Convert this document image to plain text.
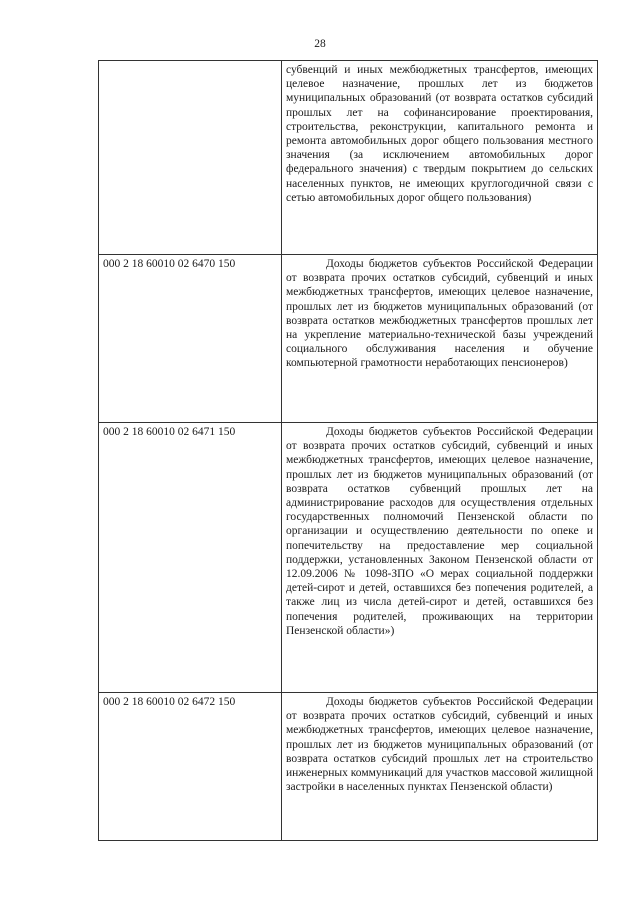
28

	субвенций и иных межбюджетных трансфертов, имеющих целевое назначение, прошлых лет из бюджетов муниципальных образований (от возврата остатков субсидий прошлых лет на софинансирование проектирования, строительства, реконструкции, капитального ремонта и ремонта автомобильных дорог общего пользования местного значения (за исключением автомобильных дорог федерального значения) с твердым покрытием до сельских населенных пунктов, не имеющих круглогодичной связи с сетью автомобильных дорог общего пользования)

000 2 18 60010 02 6470 150	Доходы бюджетов субъектов Российской Федерации от возврата прочих остатков субсидий, субвенций и иных межбюджетных трансфертов, имеющих целевое назначение, прошлых лет из бюджетов муниципальных образований (от возврата остатков межбюджетных трансфертов прошлых лет на укрепление материально-технической базы учреждений социального обслуживания населения и обучение компьютерной грамотности неработающих пенсионеров)

000 2 18 60010 02 6471 150	Доходы бюджетов субъектов Российской Федерации от возврата прочих остатков субсидий, субвенций и иных межбюджетных трансфертов, имеющих целевое назначение, прошлых лет из бюджетов муниципальных образований (от возврата остатков субвенций прошлых лет на администрирование расходов для осуществления отдельных государственных полномочий Пензенской области по организации и осуществлению деятельности по опеке и попечительству на предоставление мер социальной поддержки, установленных Законом Пензенской области от 12.09.2006 № 1098-ЗПО «О мерах социальной поддержки детей-сирот и детей, оставшихся без попечения родителей, а также лиц из числа детей-сирот и детей, оставшихся без попечения родителей, проживающих на территории Пензенской области»)

000 2 18 60010 02 6472 150	Доходы бюджетов субъектов Российской Федерации от возврата прочих остатков субсидий, субвенций и иных межбюджетных трансфертов, имеющих целевое назначение, прошлых лет из бюджетов муниципальных образований (от возврата остатков субсидий прошлых лет на строительство инженерных коммуникаций для участков массовой жилищной застройки в населенных пунктах Пензенской области)
